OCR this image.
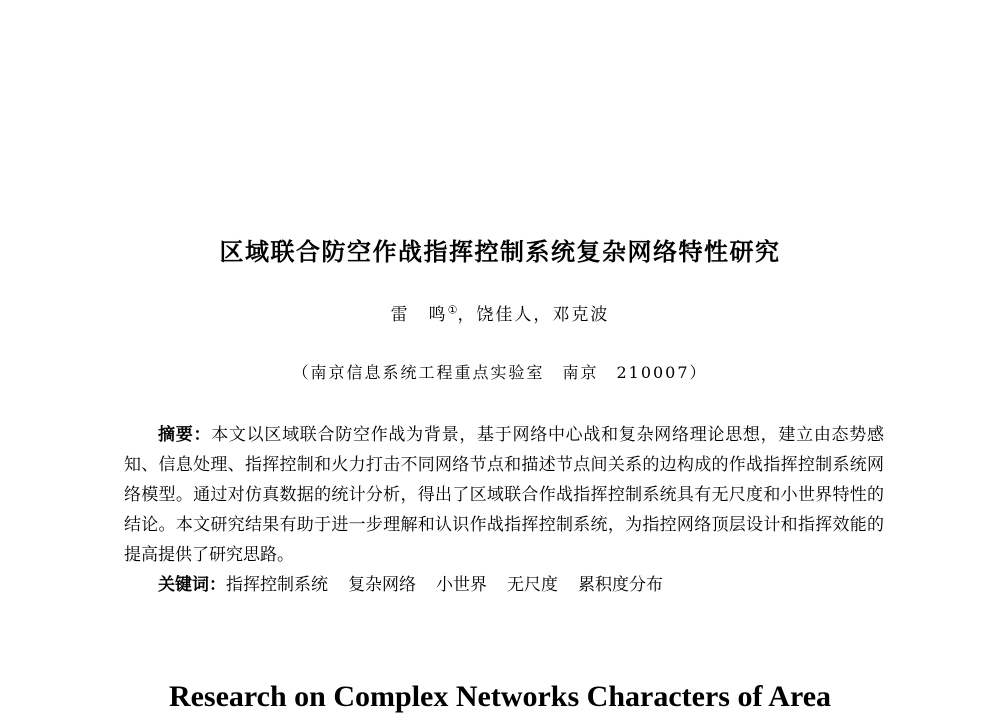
区域联合防空作战指挥控制系统复杂网络特性研究
雷　鸣①，饶佳人，邓克波
（南京信息系统工程重点实验室　南京　210007）

摘要：本文以区域联合防空作战为背景，基于网络中心战和复杂网络理论思想，建立由态势感知、信息处理、指挥控制和火力打击不同网络节点和描述节点间关系的边构成的作战指挥控制系统网络模型。通过对仿真数据的统计分析，得出了区域联合作战指挥控制系统具有无尺度和小世界特性的结论。本文研究结果有助于进一步理解和认识作战指挥控制系统，为指控网络顶层设计和指挥效能的提高提供了研究思路。

关键词：指挥控制系统 复杂网络 小世界 无尺度 累积度分布

Research on Complex Networks Characters of Area
